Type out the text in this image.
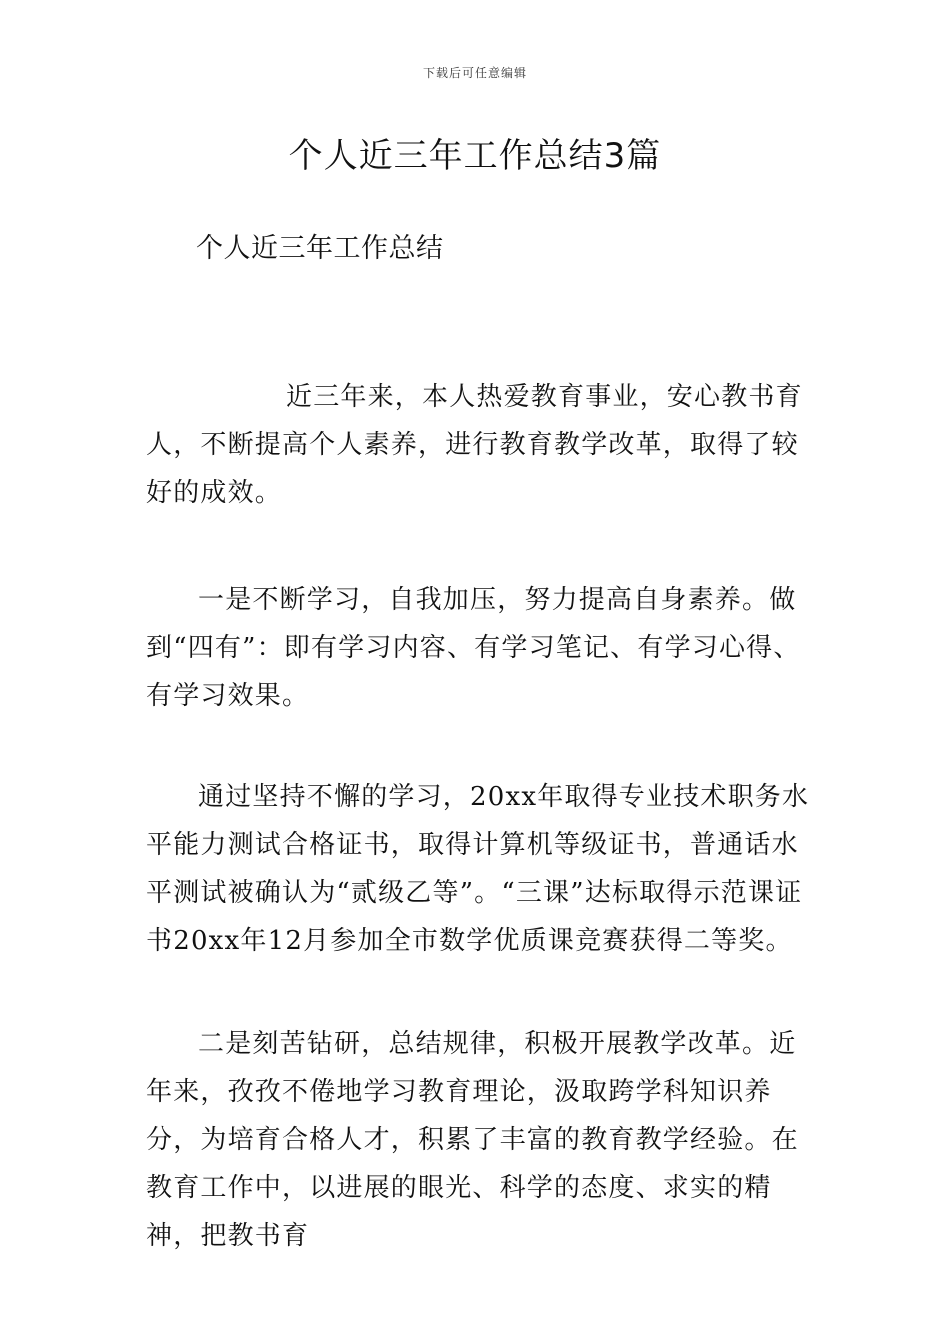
下载后可任意编辑
个人近三年工作总结3篇

个人近三年工作总结

近三年来，本人热爱教育事业，安心教书育人，不断提高个人素养，进行教育教学改革，取得了较好的成效。

一是不断学习，自我加压，努力提高自身素养。做到“四有”：即有学习内容、有学习笔记、有学习心得、有学习效果。

通过坚持不懈的学习，20xx年取得专业技术职务水平能力测试合格证书，取得计算机等级证书，普通话水平测试被确认为“贰级乙等”。“三课”达标取得示范课证书20xx年12月参加全市数学优质课竞赛获得二等奖。

二是刻苦钻研，总结规律，积极开展教学改革。近年来，孜孜不倦地学习教育理论，汲取跨学科知识养分，为培育合格人才，积累了丰富的教育教学经验。在教育工作中，以进展的眼光、科学的态度、求实的精神，把教书育
